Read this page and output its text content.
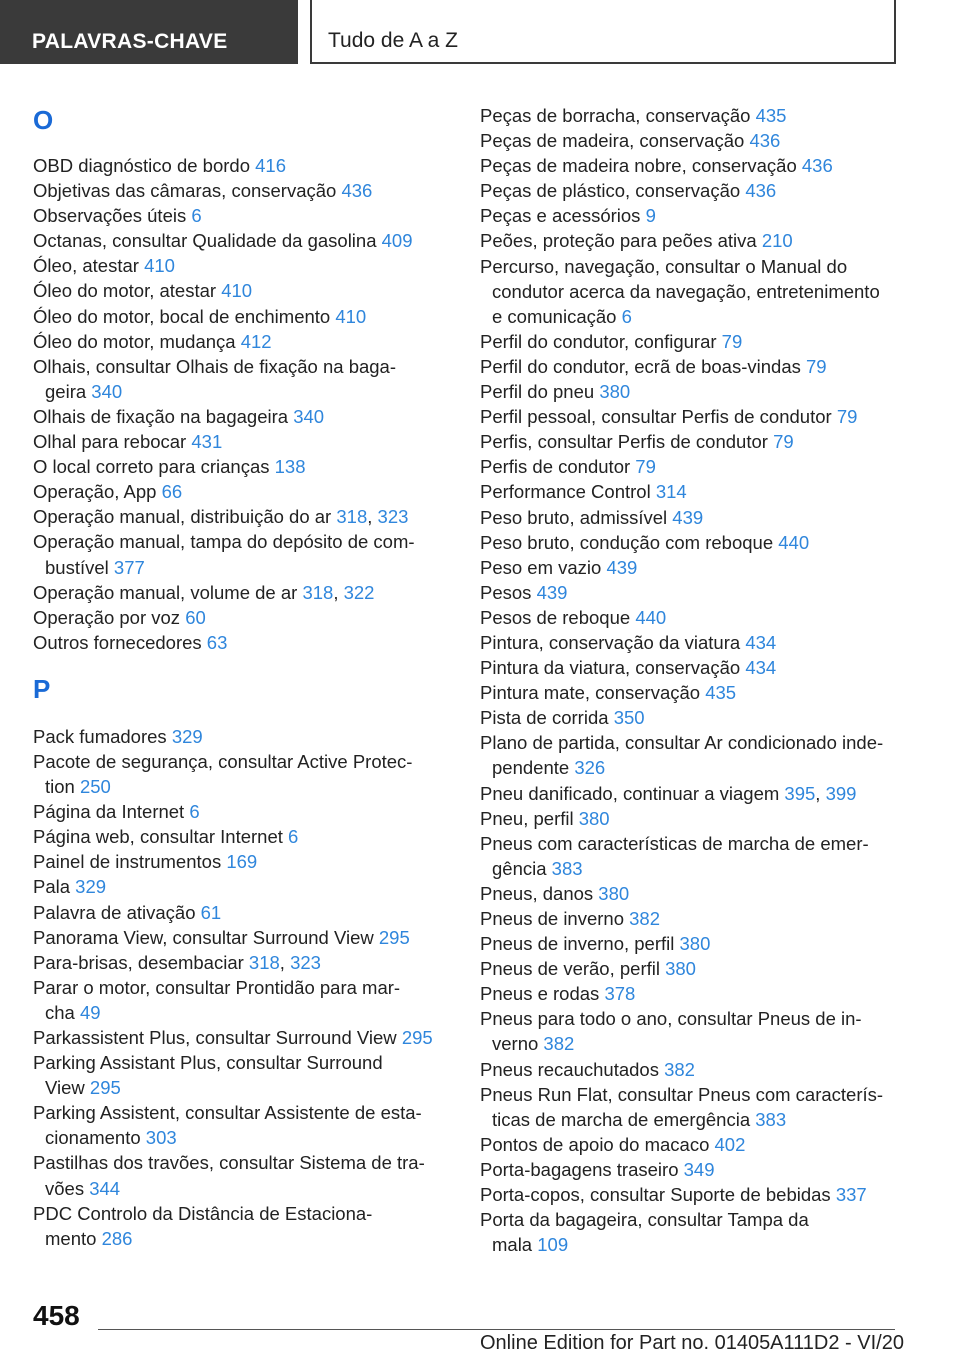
PALAVRAS-CHAVE	Tudo de A a Z
O
OBD diagnóstico de bordo 416
Objetivas das câmaras, conservação 436
Observações úteis 6
Octanas, consultar Qualidade da gasolina 409
Óleo, atestar 410
Óleo do motor, atestar 410
Óleo do motor, bocal de enchimento 410
Óleo do motor, mudança 412
Olhais, consultar Olhais de fixação na baga-
geira 340
Olhais de fixação na bagageira 340
Olhal para rebocar 431
O local correto para crianças 138
Operação, App 66
Operação manual, distribuição do ar 318, 323
Operação manual, tampa do depósito de com-
bustível 377
Operação manual, volume de ar 318, 322
Operação por voz 60
Outros fornecedores 63
P
Pack fumadores 329
Pacote de segurança, consultar Active Protec-
tion 250
Página da Internet 6
Página web, consultar Internet 6
Painel de instrumentos 169
Pala 329
Palavra de ativação 61
Panorama View, consultar Surround View 295
Para-brisas, desembaciar 318, 323
Parar o motor, consultar Prontidão para mar-
cha 49
Parkassistent Plus, consultar Surround View 295
Parking Assistant Plus, consultar Surround
View 295
Parking Assistent, consultar Assistente de esta-
cionamento 303
Pastilhas dos travões, consultar Sistema de tra-
vões 344
PDC Controlo da Distância de Estaciona-
mento 286
Peças de borracha, conservação 435
Peças de madeira, conservação 436
Peças de madeira nobre, conservação 436
Peças de plástico, conservação 436
Peças e acessórios 9
Peões, proteção para peões ativa 210
Percurso, navegação, consultar o Manual do
condutor acerca da navegação, entretenimento
e comunicação 6
Perfil do condutor, configurar 79
Perfil do condutor, ecrã de boas-vindas 79
Perfil do pneu 380
Perfil pessoal, consultar Perfis de condutor 79
Perfis, consultar Perfis de condutor 79
Perfis de condutor 79
Performance Control 314
Peso bruto, admissível 439
Peso bruto, condução com reboque 440
Peso em vazio 439
Pesos 439
Pesos de reboque 440
Pintura, conservação da viatura 434
Pintura da viatura, conservação 434
Pintura mate, conservação 435
Pista de corrida 350
Plano de partida, consultar Ar condicionado inde-
pendente 326
Pneu danificado, continuar a viagem 395, 399
Pneu, perfil 380
Pneus com características de marcha de emer-
gência 383
Pneus, danos 380
Pneus de inverno 382
Pneus de inverno, perfil 380
Pneus de verão, perfil 380
Pneus e rodas 378
Pneus para todo o ano, consultar Pneus de in-
verno 382
Pneus recauchutados 382
Pneus Run Flat, consultar Pneus com caracterís-
ticas de marcha de emergência 383
Pontos de apoio do macaco 402
Porta-bagagens traseiro 349
Porta-copos, consultar Suporte de bebidas 337
Porta da bagageira, consultar Tampa da
mala 109
458
Online Edition for Part no. 01405A111D2 - VI/20
